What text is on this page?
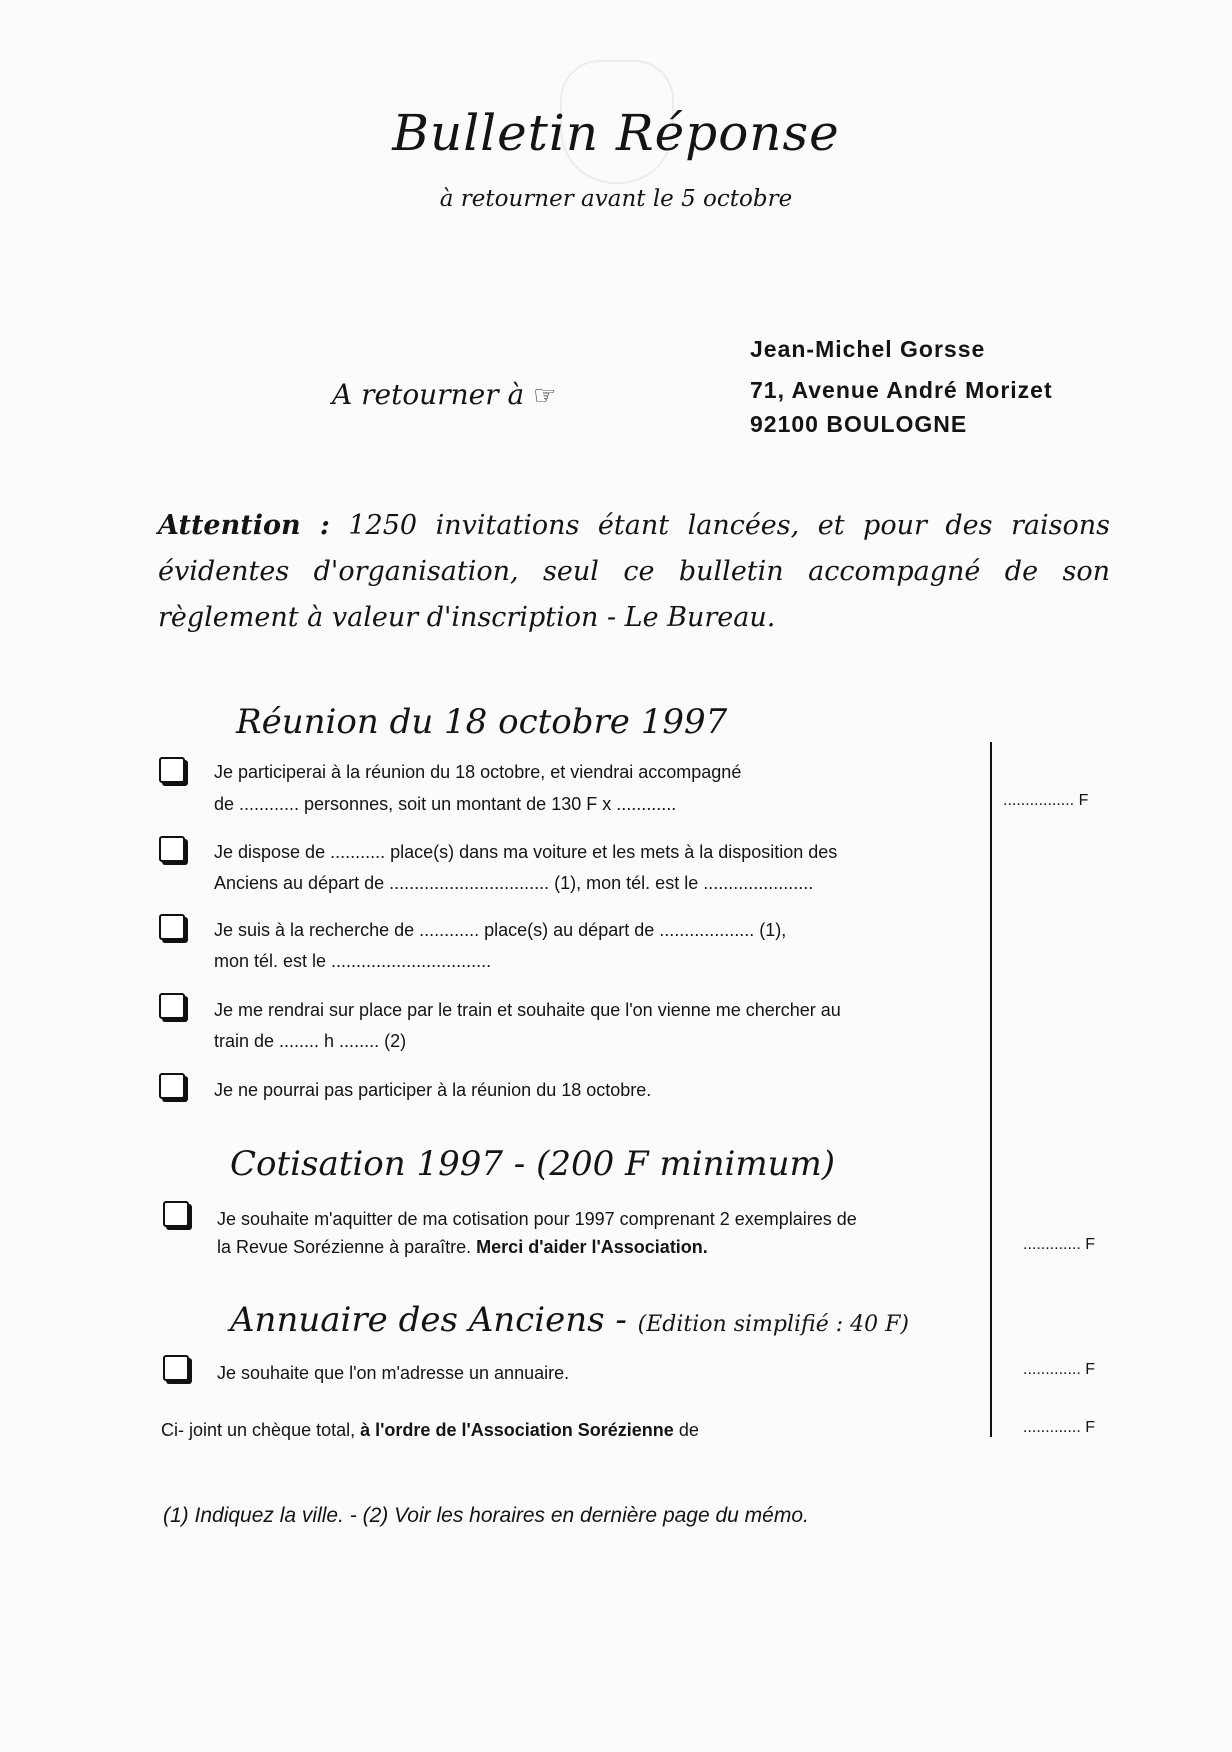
Bulletin Réponse
à retourner avant le 5 octobre
A retourner à ☞
Jean-Michel Gorsse
71, Avenue André Morizet
92100 BOULOGNE
Attention : 1250 invitations étant lancées, et pour des raisons évidentes d'organisation, seul ce bulletin accompagné de son règlement à valeur d'inscription - Le Bureau.
Réunion du 18 octobre 1997
Je participerai à la réunion du 18 octobre, et viendrai accompagné
de ............ personnes, soit un montant de 130 F x ............	................ F
Je dispose de ........... place(s) dans ma voiture et les mets à la disposition des
Anciens au départ de ................................ (1), mon tél. est le ......................
Je suis à la recherche de ............ place(s) au départ de ................... (1),
mon tél. est le ................................
Je me rendrai sur place par le train et souhaite que l'on vienne me chercher au
train de ........ h ........ (2)
Je ne pourrai pas participer à la réunion du 18 octobre.
Cotisation 1997 - (200 F minimum)
Je souhaite m'aquitter de ma cotisation pour 1997 comprenant 2 exemplaires de
la Revue Sorézienne à paraître. Merci d'aider l'Association.	............. F
Annuaire des Anciens - (Edition simplifié : 40 F)
Je souhaite que l'on m'adresse un annuaire.	............. F
Ci- joint un chèque total, à l'ordre de l'Association Sorézienne de	............. F
(1) Indiquez la ville. - (2) Voir les horaires en dernière page du mémo.
